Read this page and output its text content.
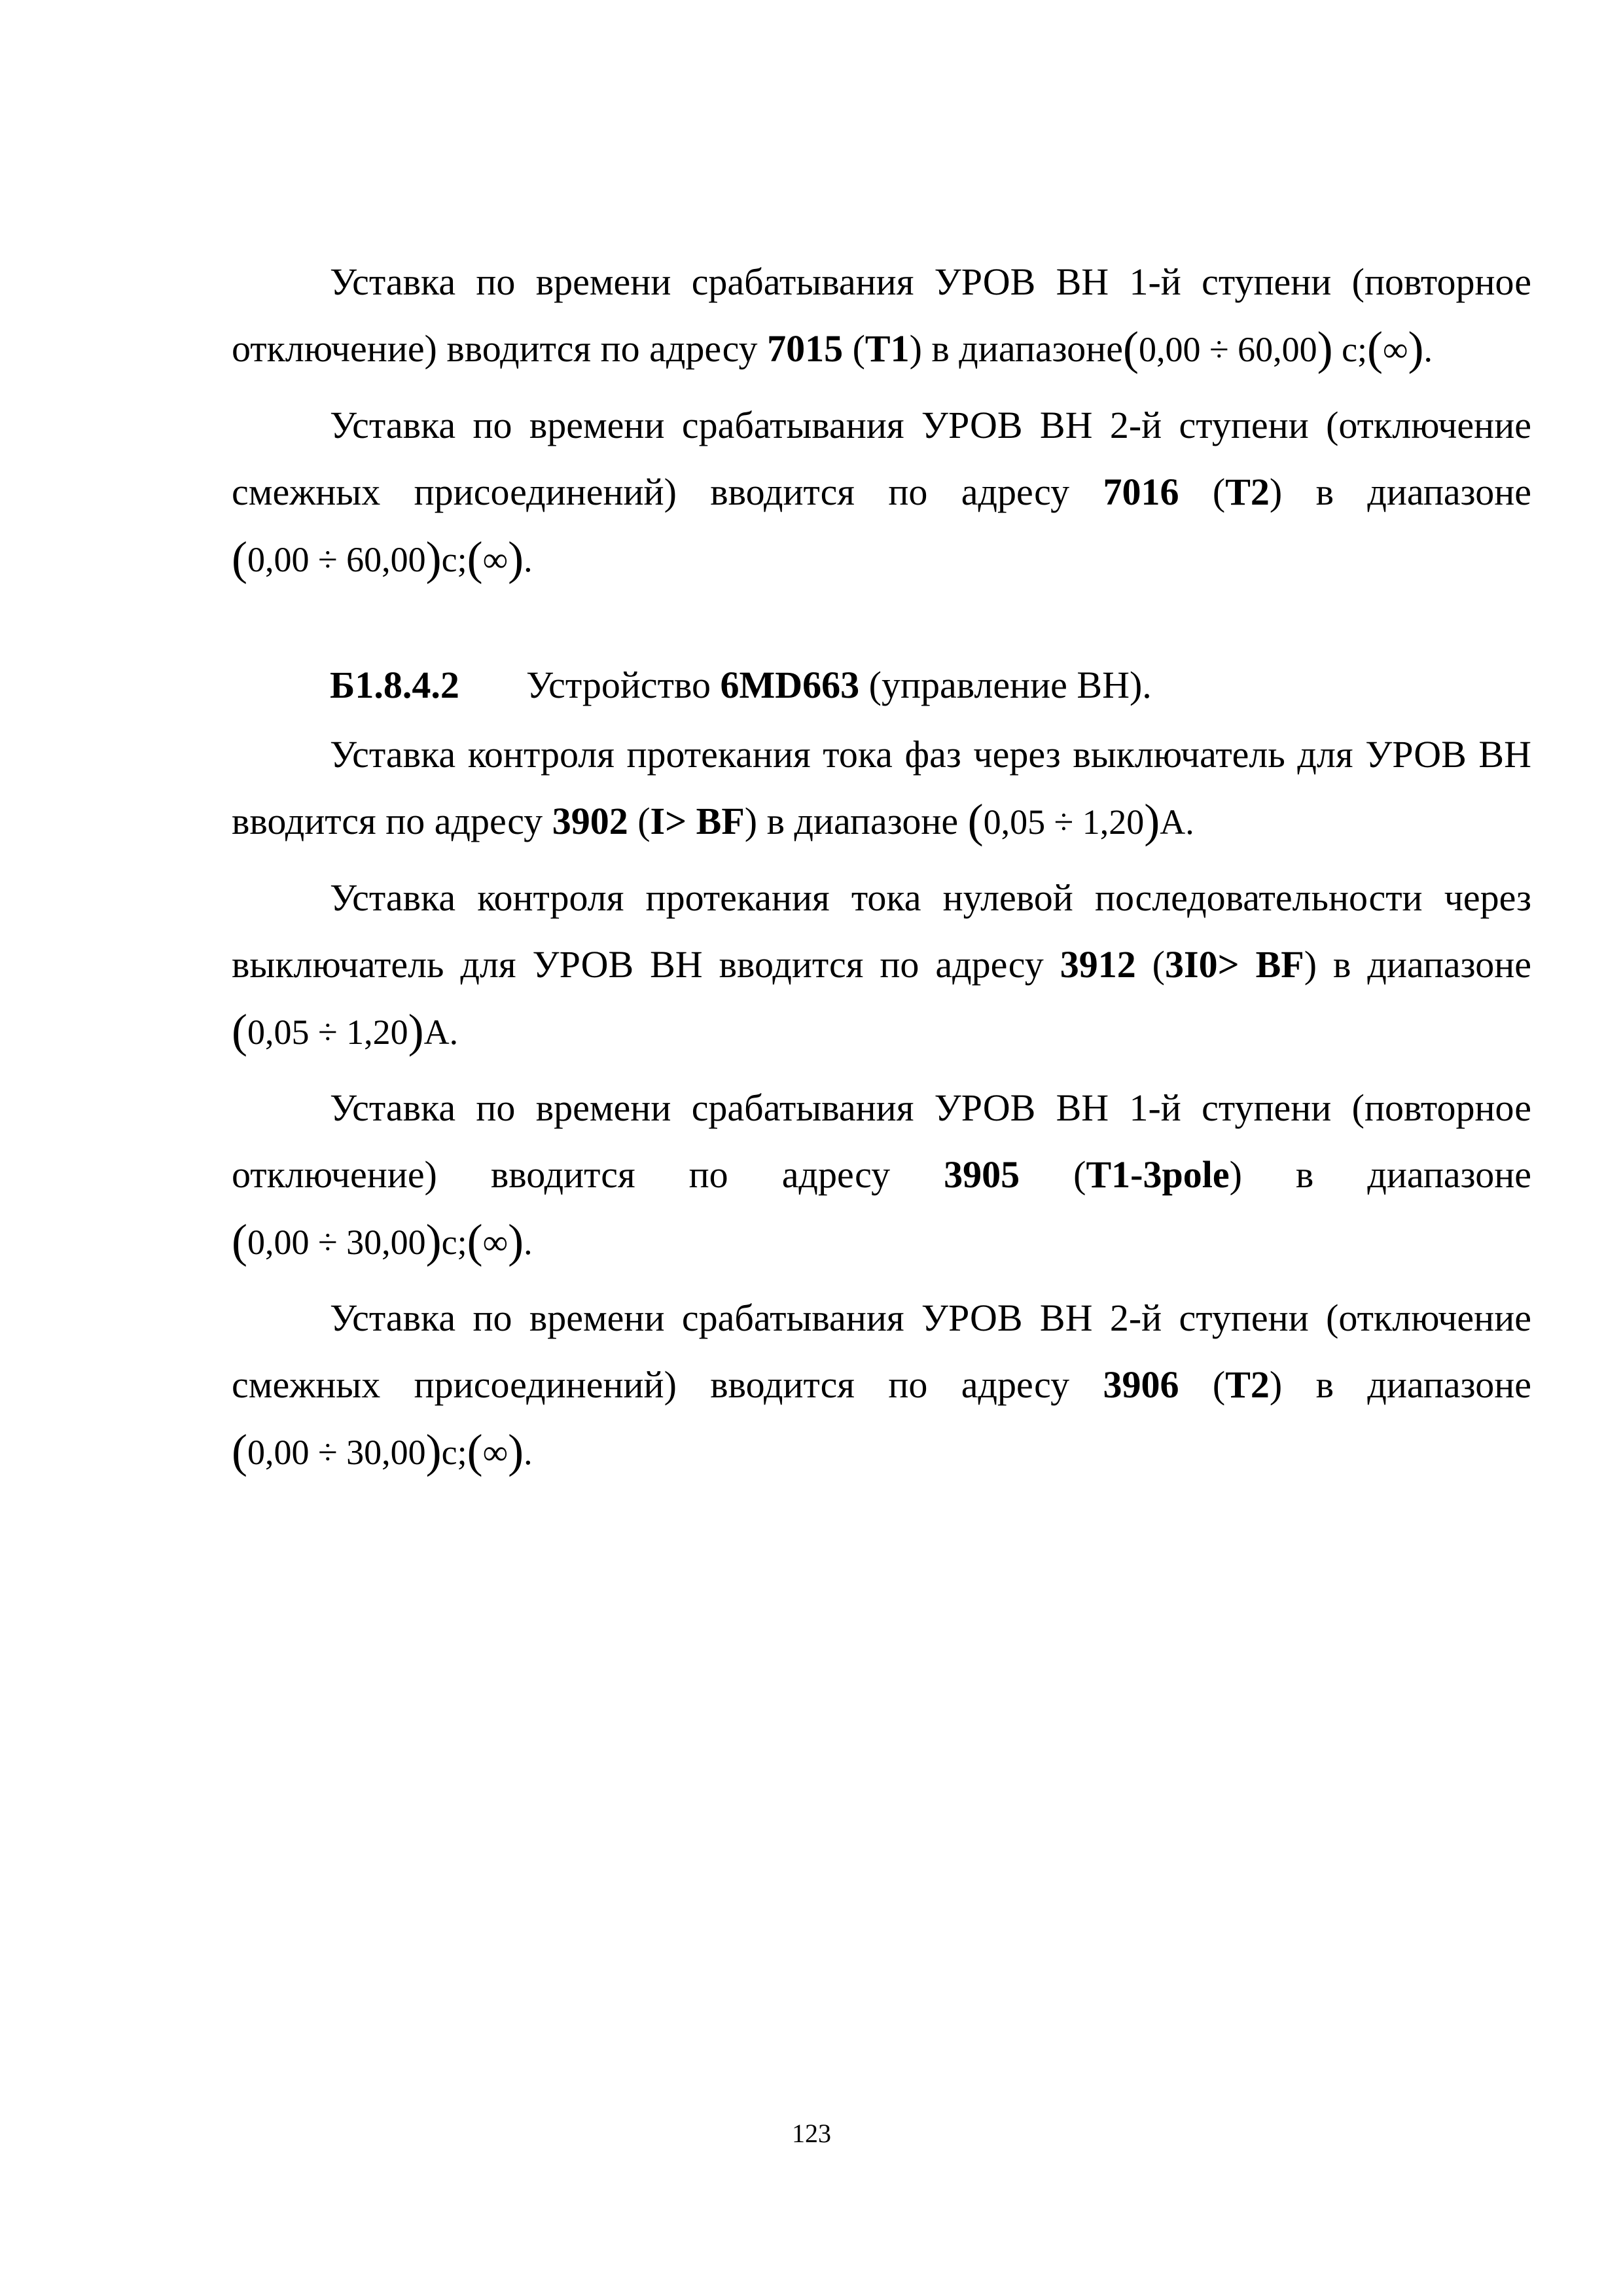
Уставка по времени срабатывания УРОВ ВН 1-й ступени (повторное отключение) вводится по адресу 7015 (T1) в диапазоне(0,00 ÷ 60,00) с;(∞).

Уставка по времени срабатывания УРОВ ВН 2-й ступени (отключение смежных присоединений) вводится по адресу 7016 (T2) в диапазоне (0,00 ÷ 60,00)с;(∞).

Б1.8.4.2 Устройство 6MD663 (управление ВН).

Уставка контроля протекания тока фаз через выключатель для УРОВ ВН вводится по адресу 3902 (I> BF) в диапазоне (0,05 ÷ 1,20)А.

Уставка контроля протекания тока нулевой последовательности через выключатель для УРОВ ВН вводится по адресу 3912 (3I0> BF) в диапазоне (0,05 ÷ 1,20)А.

Уставка по времени срабатывания УРОВ ВН 1-й ступени (повторное отключение) вводится по адресу 3905 (T1-3pole) в диапазоне (0,00 ÷ 30,00)с;(∞).

Уставка по времени срабатывания УРОВ ВН 2-й ступени (отключение смежных присоединений) вводится по адресу 3906 (T2) в диапазоне (0,00 ÷ 30,00)с;(∞).

123
